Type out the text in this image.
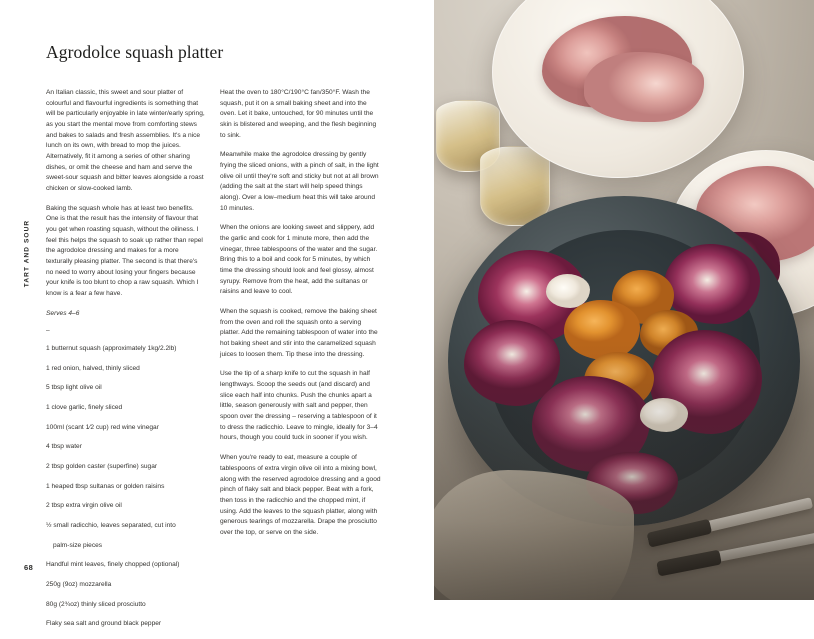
TART AND SOUR
68
Agrodolce squash platter

An Italian classic, this sweet and sour platter of colourful and flavourful ingredients is something that will be particularly enjoyable in late winter/early spring, as you start the mental move from comforting stews and bakes to salads and fresh assemblies. It's a nice lunch on its own, with bread to mop the juices. Alternatively, fit it among a series of other sharing dishes, or omit the cheese and ham and serve the sweet-sour squash and bitter leaves alongside a roast chicken or slow-cooked lamb.

Baking the squash whole has at least two benefits. One is that the result has the intensity of flavour that you get when roasting squash, without the oiliness. I feel this helps the squash to soak up rather than repel the agrodolce dressing and makes for a more texturally pleasing platter. The second is that there's no need to worry about losing your fingers because your knife is too blunt to chop a raw squash. Which I know is a fear a few have.

Serves 4–6

–

1 butternut squash (approximately 1kg/2.2lb)

1 red onion, halved, thinly sliced

5 tbsp light olive oil

1 clove garlic, finely sliced

100ml (scant 1⁄2 cup) red wine vinegar

4 tbsp water

2 tbsp golden caster (superfine) sugar

1 heaped tbsp sultanas or golden raisins

2 tbsp extra virgin olive oil

½ small radicchio, leaves separated, cut into

palm-size pieces

Handful mint leaves, finely chopped (optional)

250g (9oz) mozzarella

80g (2¾oz) thinly sliced prosciutto

Flaky sea salt and ground black pepper

Heat the oven to 180°C/190°C fan/350°F. Wash the squash, put it on a small baking sheet and into the oven. Let it bake, untouched, for 90 minutes until the skin is blistered and weeping, and the flesh beginning to sink.

Meanwhile make the agrodolce dressing by gently frying the sliced onions, with a pinch of salt, in the light olive oil until they're soft and sticky but not at all brown (adding the salt at the start will help speed things along). Over a low–medium heat this will take around 10 minutes.

When the onions are looking sweet and slippery, add the garlic and cook for 1 minute more, then add the vinegar, three tablespoons of the water and the sugar. Bring this to a boil and cook for 5 minutes, by which time the dressing should look and feel glossy, almost syrupy. Remove from the heat, add the sultanas or raisins and leave to cool.

When the squash is cooked, remove the baking sheet from the oven and roll the squash onto a serving platter. Add the remaining tablespoon of water into the hot baking sheet and stir into the caramelized squash juices to loosen them. Tip these into the dressing.

Use the tip of a sharp knife to cut the squash in half lengthways. Scoop the seeds out (and discard) and slice each half into chunks. Push the chunks apart a little, season generously with salt and pepper, then spoon over the dressing – reserving a tablespoon of it to dress the radicchio. Leave to mingle, ideally for 3–4 hours, though you could tuck in sooner if you wish.

When you're ready to eat, measure a couple of tablespoons of extra virgin olive oil into a mixing bowl, along with the reserved agrodolce dressing and a good pinch of flaky salt and black pepper. Beat with a fork, then toss in the radicchio and the chopped mint, if using. Add the leaves to the squash platter, along with generous tearings of mozzarella. Drape the prosciutto over the top, or serve on the side.
